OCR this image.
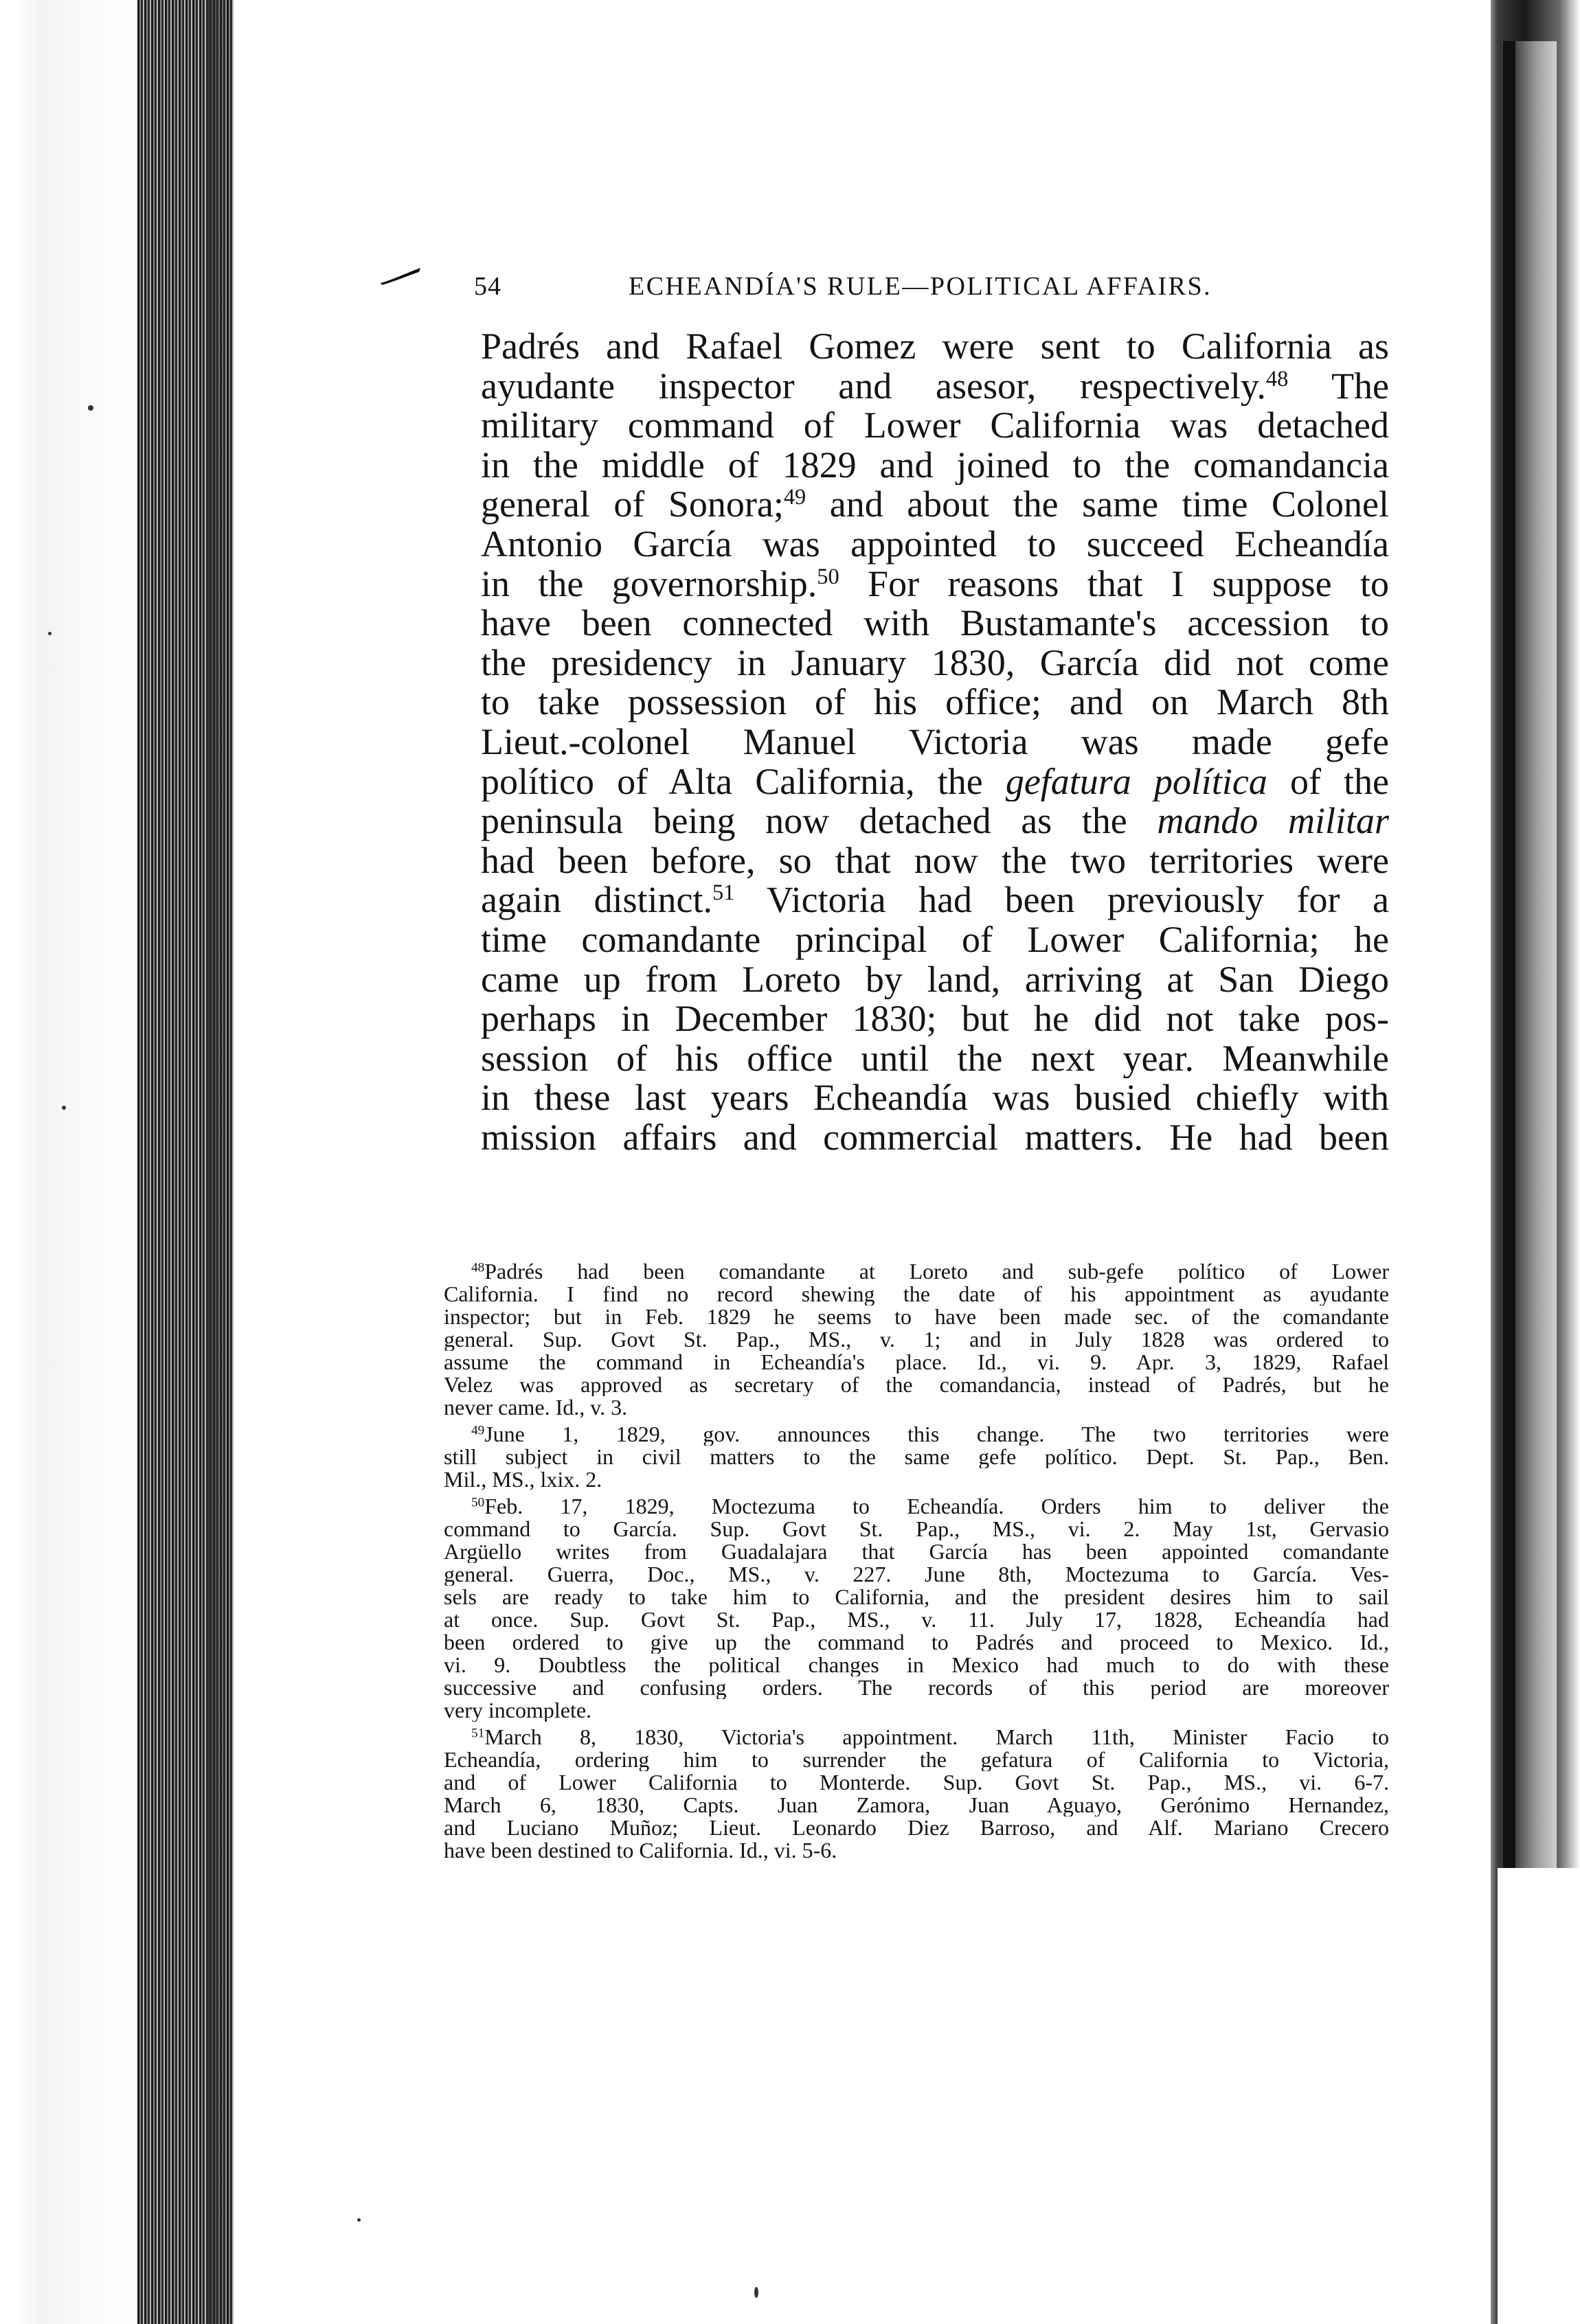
54	ECHEANDÍA'S RULE—POLITICAL AFFAIRS.
Padrés and Rafael Gomez were sent to California as
ayudante inspector and asesor, respectively.$^{48}$ The
military command of Lower California was detached
in the middle of 1829 and joined to the comandancia
general of Sonora;$^{49}$ and about the same time Colonel
Antonio García was appointed to succeed Echeandía
in the governorship.$^{50}$ For reasons that I suppose to
have been connected with Bustamante's accession to
the presidency in January 1830, García did not come
to take possession of his office; and on March 8th
Lieut.-colonel Manuel Victoria was made gefe
político of Alta California, the gefatura política of the
peninsula being now detached as the mando militar
had been before, so that now the two territories were
again distinct.$^{51}$ Victoria had been previously for a
time comandante principal of Lower California; he
came up from Loreto by land, arriving at San Diego
perhaps in December 1830; but he did not take pos-
session of his office until the next year. Meanwhile
in these last years Echeandía was busied chiefly with
mission affairs and commercial matters. He had been
$^{48}$Padrés had been comandante at Loreto and sub-gefe político of Lower
California. I find no record shewing the date of his appointment as ayudante
inspector; but in Feb. 1829 he seems to have been made sec. of the comandante
general. Sup. Govt St. Pap., MS., v. 1; and in July 1828 was ordered to
assume the command in Echeandía's place. Id., vi. 9. Apr. 3, 1829, Rafael
Velez was approved as secretary of the comandancia, instead of Padrés, but he
never came. Id., v. 3.
$^{49}$June 1, 1829, gov. announces this change. The two territories were
still subject in civil matters to the same gefe político. Dept. St. Pap., Ben.
Mil., MS., lxix. 2.
$^{50}$Feb. 17, 1829, Moctezuma to Echeandía. Orders him to deliver the
command to García. Sup. Govt St. Pap., MS., vi. 2. May 1st, Gervasio
Argüello writes from Guadalajara that García has been appointed comandante
general. Guerra, Doc., MS., v. 227. June 8th, Moctezuma to García. Ves-
sels are ready to take him to California, and the president desires him to sail
at once. Sup. Govt St. Pap., MS., v. 11. July 17, 1828, Echeandía had
been ordered to give up the command to Padrés and proceed to Mexico. Id.,
vi. 9. Doubtless the political changes in Mexico had much to do with these
successive and confusing orders. The records of this period are moreover
very incomplete.
$^{51}$March 8, 1830, Victoria's appointment. March 11th, Minister Facio to
Echeandía, ordering him to surrender the gefatura of California to Victoria,
and of Lower California to Monterde. Sup. Govt St. Pap., MS., vi. 6-7.
March 6, 1830, Capts. Juan Zamora, Juan Aguayo, Gerónimo Hernandez,
and Luciano Muñoz; Lieut. Leonardo Diez Barroso, and Alf. Mariano Crecero
have been destined to California. Id., vi. 5-6.
